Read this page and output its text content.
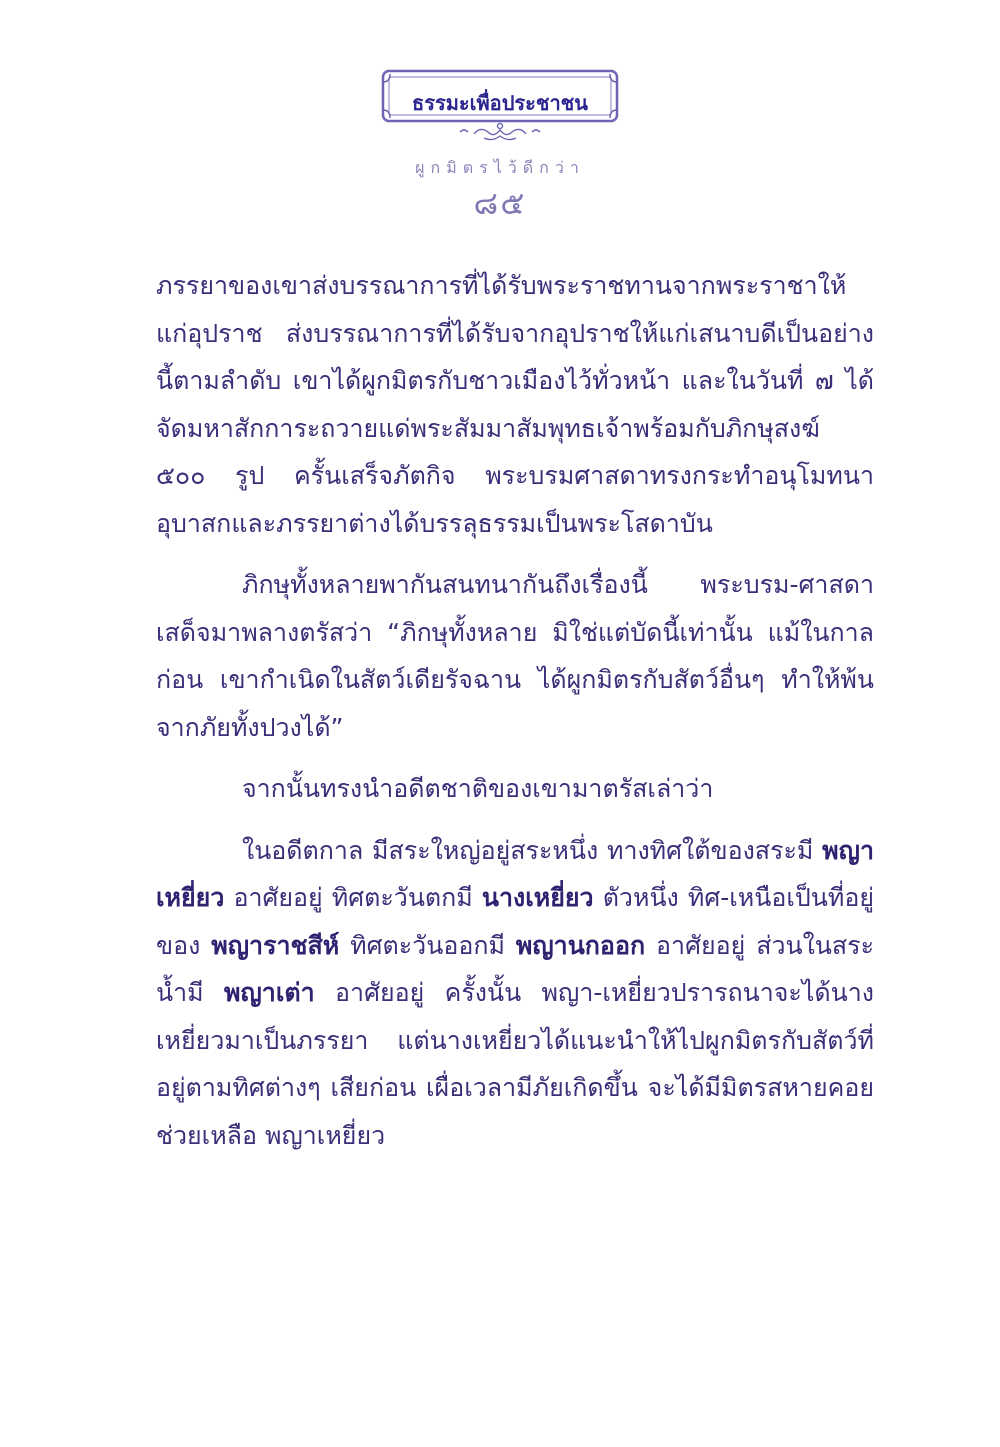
ธรรมะเพื่อประชาชน
ผูกมิตรไว้ดีกว่า
๘๕

ภรรยาของเขาส่งบรรณาการที่ได้รับพระราชทานจากพระราชาให้แก่อุปราช ส่งบรรณาการที่ได้รับจากอุปราชให้แก่เสนาบดีเป็นอย่างนี้ตามลำดับ เขาได้ผูกมิตรกับชาวเมืองไว้ทั่วหน้า และในวันที่ ๗ ได้จัดมหาสักการะถวายแด่พระสัมมาสัมพุทธเจ้าพร้อมกับภิกษุสงฆ์ ๕๐๐ รูป ครั้นเสร็จภัตกิจ พระบรมศาสดาทรงกระทำอนุโมทนา อุบาสกและภรรยาต่างได้บรรลุธรรมเป็นพระโสดาบัน

ภิกษุทั้งหลายพากันสนทนากันถึงเรื่องนี้ พระบรม-ศาสดาเสด็จมาพลางตรัสว่า “ภิกษุทั้งหลาย มิใช่แต่บัดนี้เท่านั้น แม้ในกาลก่อน เขากำเนิดในสัตว์เดียรัจฉาน ได้ผูกมิตรกับสัตว์อื่นๆ ทำให้พ้นจากภัยทั้งปวงได้”

จากนั้นทรงนำอดีตชาติของเขามาตรัสเล่าว่า

ในอดีตกาล มีสระใหญ่อยู่สระหนึ่ง ทางทิศใต้ของสระมี พญาเหยี่ยว อาศัยอยู่ ทิศตะวันตกมี นางเหยี่ยว ตัวหนึ่ง ทิศ-เหนือเป็นที่อยู่ของ พญาราชสีห์ ทิศตะวันออกมี พญานกออก อาศัยอยู่ ส่วนในสระน้ำมี พญาเต่า อาศัยอยู่ ครั้งนั้น พญา-เหยี่ยวปรารถนาจะได้นางเหยี่ยวมาเป็นภรรยา แต่นางเหยี่ยวได้แนะนำให้ไปผูกมิตรกับสัตว์ที่อยู่ตามทิศต่างๆ เสียก่อน เผื่อเวลามีภัยเกิดขึ้น จะได้มีมิตรสหายคอยช่วยเหลือ พญาเหยี่ยว
